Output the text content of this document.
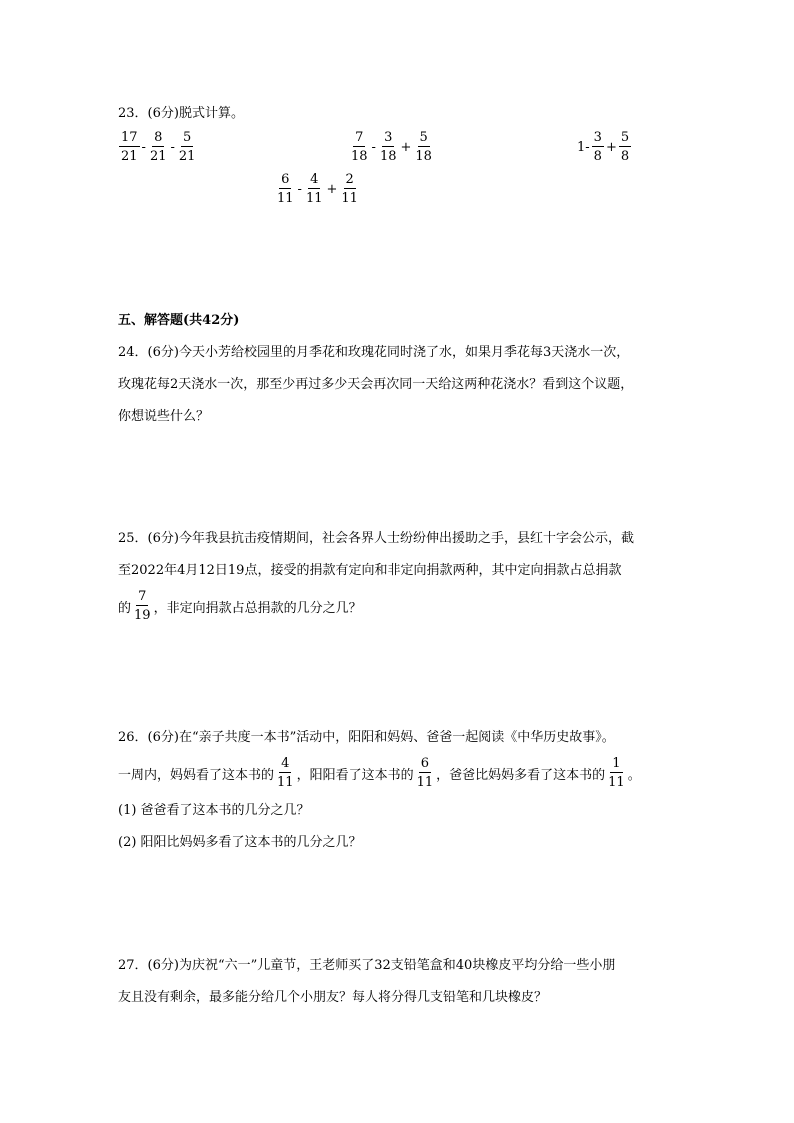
23．(6分)脱式计算。
$\frac{17}{21} - \frac{8}{21} - \frac{5}{21}$	$\frac{7}{18} - \frac{3}{18} + \frac{5}{18}$	$1- \frac{3}{8} + \frac{5}{8}$
$\frac{6}{11} - \frac{4}{11} + \frac{2}{11}$
五、解答题(共42分)
24．(6分)今天小芳给校园里的月季花和玫瑰花同时浇了水，如果月季花每3天浇水一次，
玫瑰花每2天浇水一次，那至少再过多少天会再次同一天给这两种花浇水？看到这个议题，
你想说些什么？
25．(6分)今年我县抗击疫情期间，社会各界人士纷纷伸出援助之手，县红十字会公示，截
至2022年4月12日19点，接受的捐款有定向和非定向捐款两种，其中定向捐款占总捐款
的 $\frac{7}{19}$ ，非定向捐款占总捐款的几分之几？
26．(6分)在“亲子共度一本书”活动中，阳阳和妈妈、爸爸一起阅读《中华历史故事》。
一周内，妈妈看了这本书的 $\frac{4}{11}$ ，阳阳看了这本书的 $\frac{6}{11}$ ，爸爸比妈妈多看了这本书的 $\frac{1}{11}$ 。
(1) 爸爸看了这本书的几分之几？
(2) 阳阳比妈妈多看了这本书的几分之几？
27．(6分)为庆祝“六一”儿童节，王老师买了32支铅笔盒和40块橡皮平均分给一些小朋
友且没有剩余，最多能分给几个小朋友？每人将分得几支铅笔和几块橡皮？
